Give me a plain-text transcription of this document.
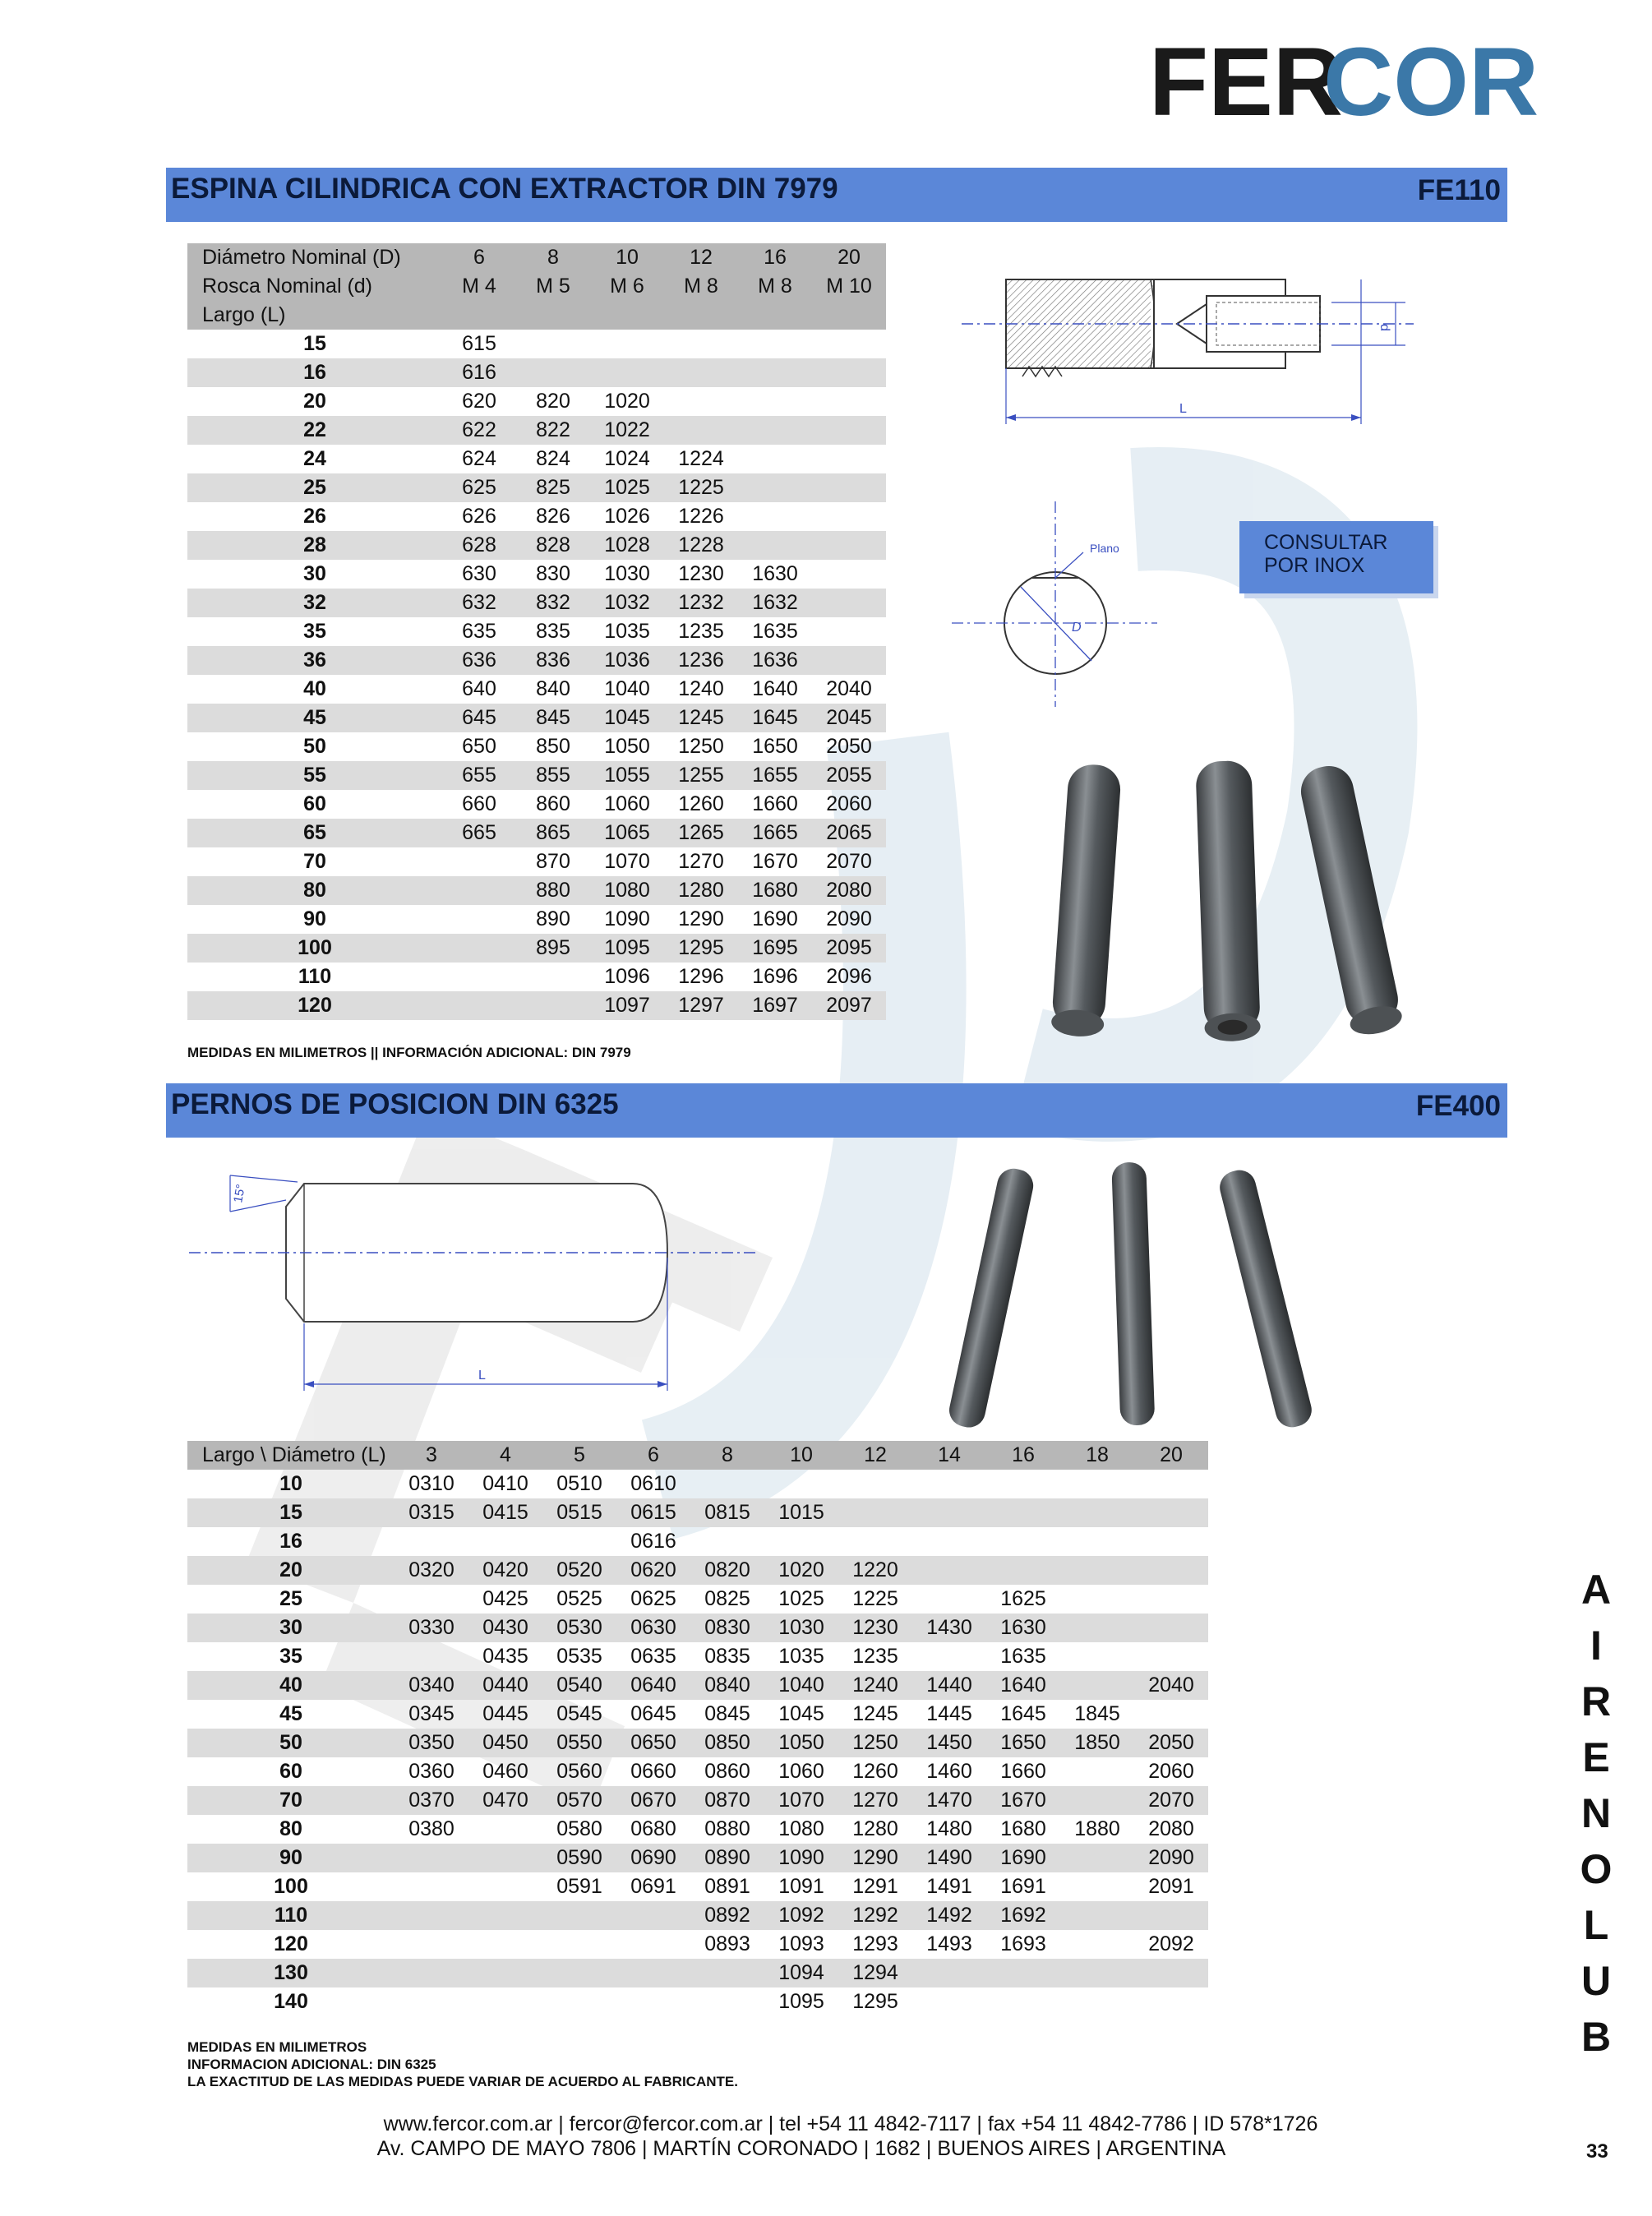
FER
COR
ESPINA CILINDRICA CON EXTRACTOR DIN 7979	FE110
Diámetro Nominal (D)	6	8	10	12	16	20
Rosca Nominal (d)	M 4	M 5	M 6	M 8	M 8	M 10
Largo (L)						
15	615					
16	616					
20	620	820	1020			
22	622	822	1022			
24	624	824	1024	1224		
25	625	825	1025	1225		
26	626	826	1026	1226		
28	628	828	1028	1228		
30	630	830	1030	1230	1630	
32	632	832	1032	1232	1632	
35	635	835	1035	1235	1635	
36	636	836	1036	1236	1636	
40	640	840	1040	1240	1640	2040
45	645	845	1045	1245	1645	2045
50	650	850	1050	1250	1650	2050
55	655	855	1055	1255	1655	2055
60	660	860	1060	1260	1660	2060
65	665	865	1065	1265	1665	2065
70		870	1070	1270	1670	2070
80		880	1080	1280	1680	2080
90		890	1090	1290	1690	2090
100		895	1095	1295	1695	2095
110			1096	1296	1696	2096
120			1097	1297	1697	2097
MEDIDAS EN MILIMETROS || INFORMACIÓN ADICIONAL: DIN 7979
L
d
Plano
D
CONSULTAR
POR INOX
PERNOS DE POSICION DIN 6325	FE400
L
15°
Largo \ Diámetro (L)	3	4	5	6	8	10	12	14	16	18	20
10	0310	0410	0510	0610							
15	0315	0415	0515	0615	0815	1015					
16				0616							
20	0320	0420	0520	0620	0820	1020	1220				
25		0425	0525	0625	0825	1025	1225		1625		
30	0330	0430	0530	0630	0830	1030	1230	1430	1630		
35		0435	0535	0635	0835	1035	1235		1635		
40	0340	0440	0540	0640	0840	1040	1240	1440	1640		2040
45	0345	0445	0545	0645	0845	1045	1245	1445	1645	1845	
50	0350	0450	0550	0650	0850	1050	1250	1450	1650	1850	2050
60	0360	0460	0560	0660	0860	1060	1260	1460	1660		2060
70	0370	0470	0570	0670	0870	1070	1270	1470	1670		2070
80	0380		0580	0680	0880	1080	1280	1480	1680	1880	2080
90			0590	0690	0890	1090	1290	1490	1690		2090
100			0591	0691	0891	1091	1291	1491	1691		2091
110					0892	1092	1292	1492	1692		
120					0893	1093	1293	1493	1693		2092
130						1094	1294				
140						1095	1295				
MEDIDAS EN MILIMETROS
INFORMACION ADICIONAL: DIN 6325
LA EXACTITUD DE LAS MEDIDAS PUEDE VARIAR DE ACUERDO AL FABRICANTE.
A
I
R
E
N
O
L
U
B
www.fercor.com.ar | fercor@fercor.com.ar | tel +54 11 4842-7117 | fax +54 11 4842-7786 | ID 578*1726
Av. CAMPO DE MAYO 7806 | MARTÍN CORONADO | 1682 | BUENOS AIRES | ARGENTINA	33
